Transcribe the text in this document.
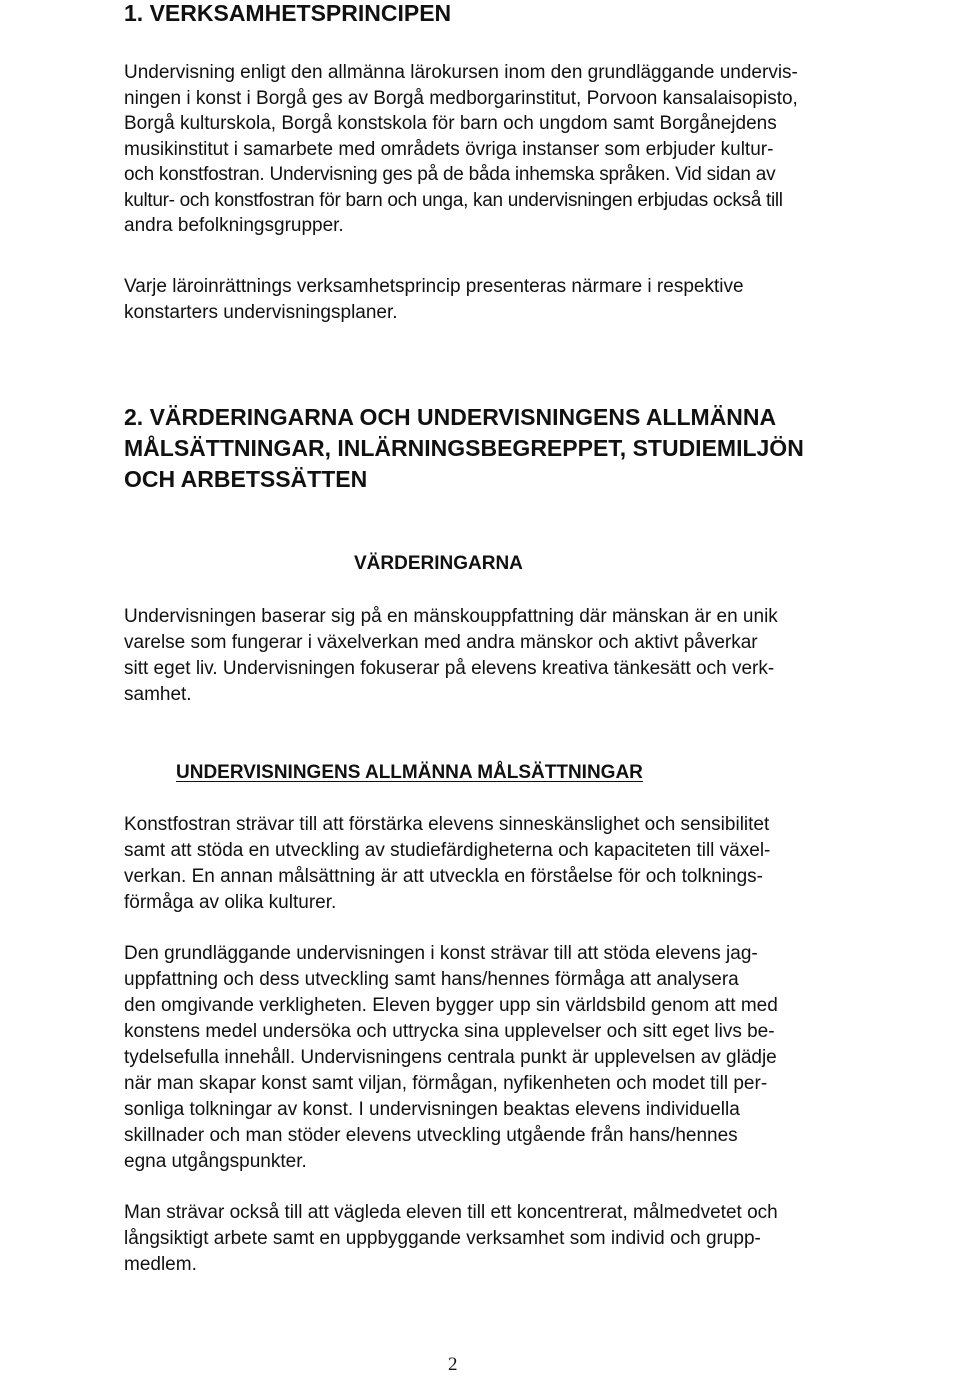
1. VERKSAMHETSPRINCIPEN

Undervisning enligt den allmänna lärokursen inom den grundläggande undervis-
ningen i konst i Borgå ges av Borgå medborgarinstitut, Porvoon kansalaisopisto,
Borgå kulturskola, Borgå konstskola för barn och ungdom samt Borgånejdens
musikinstitut i samarbete med områdets övriga instanser som erbjuder kultur-
och konstfostran. Undervisning ges på de båda inhemska språken. Vid sidan av
kultur- och konstfostran för barn och unga, kan undervisningen erbjudas också till
andra befolkningsgrupper.

Varje läroinrättnings verksamhetsprincip presenteras närmare i respektive
konstarters undervisningsplaner.

2. VÄRDERINGARNA OCH UNDERVISNINGENS ALLMÄNNA
MÅLSÄTTNINGAR, INLÄRNINGSBEGREPPET, STUDIEMILJÖN
OCH ARBETSSÄTTEN
VÄRDERINGARNA

Undervisningen baserar sig på en mänskouppfattning där mänskan är en unik
varelse som fungerar i växelverkan med andra mänskor och aktivt påverkar
sitt eget liv. Undervisningen fokuserar på elevens kreativa tänkesätt och verk-
samhet.

UNDERVISNINGENS ALLMÄNNA MÅLSÄTTNINGAR

Konstfostran strävar till att förstärka elevens sinneskänslighet och sensibilitet
samt att stöda en utveckling av studiefärdigheterna och kapaciteten till växel-
verkan. En annan målsättning är att utveckla en förståelse för och tolknings-
förmåga av olika kulturer.

Den grundläggande undervisningen i konst strävar till att stöda elevens jag-
uppfattning och dess utveckling samt hans/hennes förmåga att analysera
den omgivande verkligheten. Eleven bygger upp sin världsbild genom att med
konstens medel undersöka och uttrycka sina upplevelser och sitt eget livs be-
tydelsefulla innehåll. Undervisningens centrala punkt är upplevelsen av glädje
när man skapar konst samt viljan, förmågan, nyfikenheten och modet till per-
sonliga tolkningar av konst. I undervisningen beaktas elevens individuella
skillnader och man stöder elevens utveckling utgående från hans/hennes
egna utgångspunkter.

Man strävar också till att vägleda eleven till ett koncentrerat, målmedvetet och
långsiktigt arbete samt en uppbyggande verksamhet som individ och grupp-
medlem.

2
